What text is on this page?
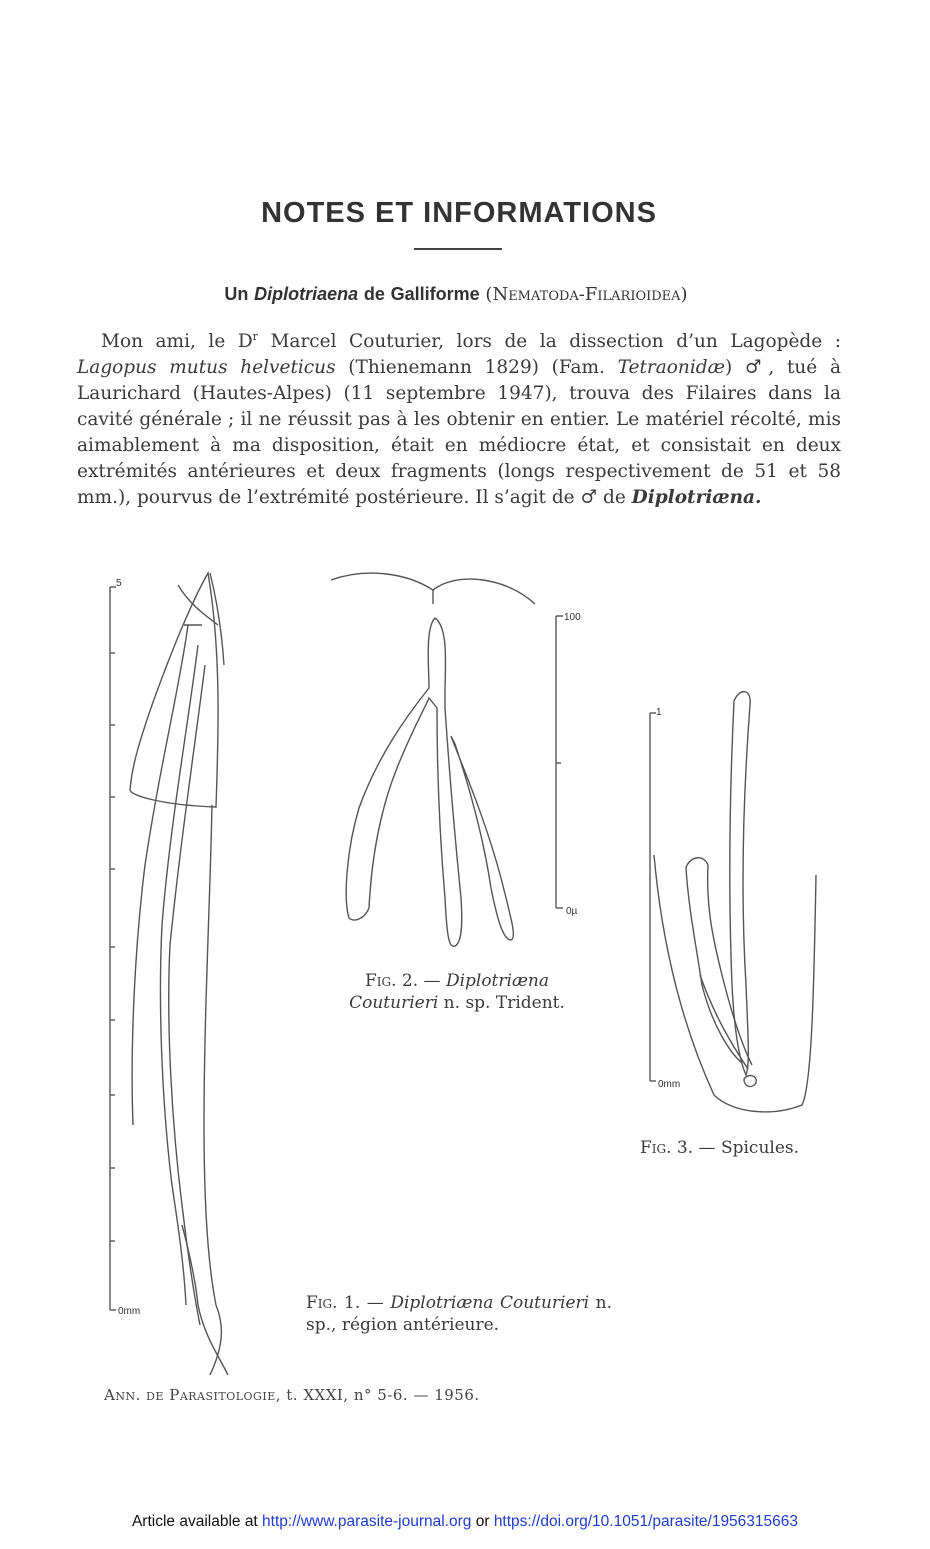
NOTES ET INFORMATIONS
Un Diplotriaena de Galliforme (Nematoda-Filarioidea)
Mon ami, le $D^r$ Marcel Couturier, lors de la dissection d’un Lagopède : Lagopus mutus helveticus (Thienemann 1829) (Fam. Tetraonidæ) ♂, tué à Laurichard (Hautes-Alpes) (11 septembre 1947), trouva des Filaires dans la cavité générale ; il ne réussit pas à les obtenir en entier. Le matériel récolté, mis aimablement à ma disposition, était en médiocre état, et consistait en deux extrémités antérieures et deux fragments (longs respectivement de 51 et 58 mm.), pourvus de l’extrémité postérieure. Il s’agit de ♂ de Diplotriæna.
5
0mm
100
0µ
1
0mm
Fig. 2. — Diplotriæna
Couturieri n. sp. Trident.
Fig. 3. — Spicules.
Fig. 1. — Diplotriæna Couturieri n. sp., région antérieure.
Ann. de Parasitologie, t. XXXI, n° 5-6. — 1956.
Article available at http://www.parasite-journal.org or https://doi.org/10.1051/parasite/1956315663
